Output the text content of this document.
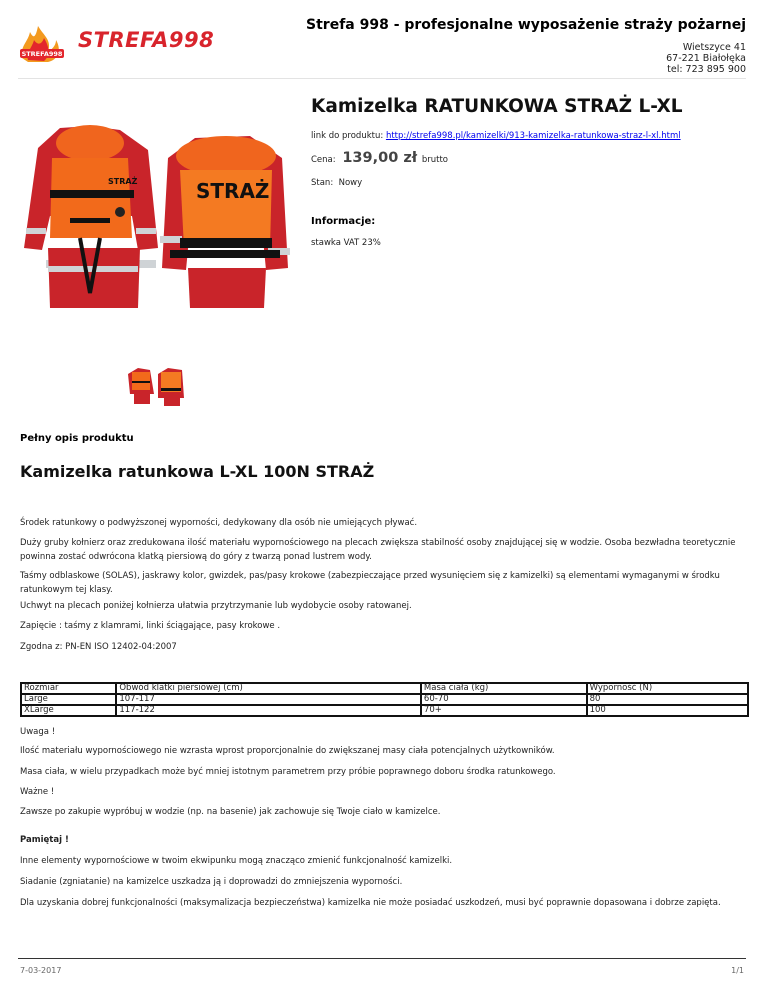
Strefa 998 - profesjonalne wyposażenie straży pożarnej
STREFA998
STREFA998	Wietszyce 41
67-221 Białołęka
tel: 723 895 900
STRAŻ	STRAŻ
Kamizelka RATUNKOWA STRAŻ L-XL
link do produktu: http://strefa998.pl/kamizelki/913-kamizelka-ratunkowa-straz-l-xl.html
Cena: 139,00 zł brutto
Stan: Nowy
Informacje:
stawka VAT 23%
Pełny opis produktu
Kamizelka ratunkowa L-XL 100N STRAŻ

Środek ratunkowy o podwyższonej wyporności, dedykowany dla osób nie umiejących pływać.

Duży gruby kołnierz oraz zredukowana ilość materiału wypornościowego na plecach zwiększa stabilność osoby znajdującej się w wodzie. Osoba bezwładna teoretycznie powinna zostać odwrócona klatką piersiową do góry z twarzą ponad lustrem wody.

Taśmy odblaskowe (SOLAS), jaskrawy kolor, gwizdek, pas/pasy krokowe (zabezpieczające przed wysunięciem się z kamizelki) są elementami wymaganymi w środku ratunkowym tej klasy.

Uchwyt na plecach poniżej kołnierza ułatwia przytrzymanie lub wydobycie osoby ratowanej.

Zapięcie : taśmy z klamrami, linki ściągające, pasy krokowe .

Zgodna z: PN-EN ISO 12402-04:2007

Rozmiar	Obwód klatki piersiowej (cm)	Masa ciała (kg)	Wyporność (N)
Large	107-117	60-70	80
XLarge	117-122	70+	100

Uwaga !

Ilość materiału wypornościowego nie wzrasta wprost proporcjonalnie do zwiększanej masy ciała potencjalnych użytkowników.

Masa ciała, w wielu przypadkach może być mniej istotnym parametrem przy próbie poprawnego doboru środka ratunkowego.

Ważne !

Zawsze po zakupie wypróbuj w wodzie (np. na basenie) jak zachowuje się Twoje ciało w kamizelce.

Pamiętaj !

Inne elementy wypornościowe w twoim ekwipunku mogą znacząco zmienić funkcjonalność kamizelki.

Siadanie (zgniatanie) na kamizelce uszkadza ją i doprowadzi do zmniejszenia wyporności.

Dla uzyskania dobrej funkcjonalności (maksymalizacja bezpieczeństwa) kamizelka nie może posiadać uszkodzeń, musi być poprawnie dopasowana i dobrze zapięta.

7-03-2017	1/1
